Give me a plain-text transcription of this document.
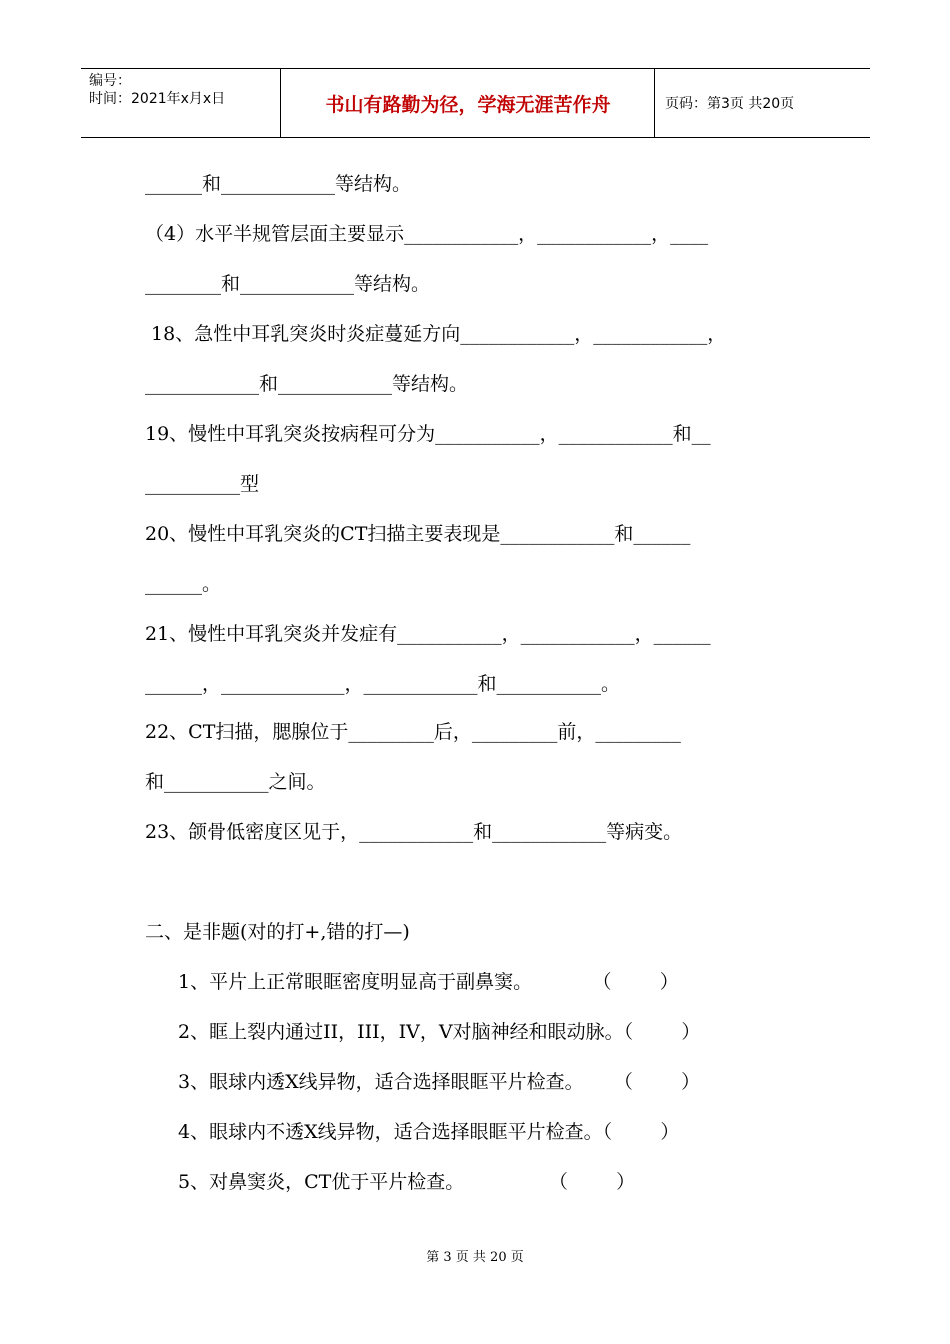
编号：
时间：2021年x月x日	书山有路勤为径，学海无涯苦作舟	页码：第3页 共20页
______和____________等结构。
（4）水平半规管层面主要显示____________，____________，____
________和____________等结构。
18、急性中耳乳突炎时炎症蔓延方向____________，____________，
____________和____________等结构。
19、慢性中耳乳突炎按病程可分为___________，____________和__
__________型
20、慢性中耳乳突炎的CT扫描主要表现是____________和______
______。
21、慢性中耳乳突炎并发症有___________，____________，______
______，_____________，____________和___________。
22、CT扫描，腮腺位于_________后，_________前，_________
和___________之间。
23、颌骨低密度区见于，____________和____________等病变。
二、是非题(对的打+,错的打—)
1、平片上正常眼眶密度明显高于副鼻窦。          （        ）
2、眶上裂内通过II，III，IV，V对脑神经和眼动脉。（        ）
3、眼球内透X线异物，适合选择眼眶平片检查。     （        ）
4、眼球内不透X线异物，适合选择眼眶平片检查。（        ）
5、对鼻窦炎，CT优于平片检查。              （        ）
第 3 页 共 20 页
